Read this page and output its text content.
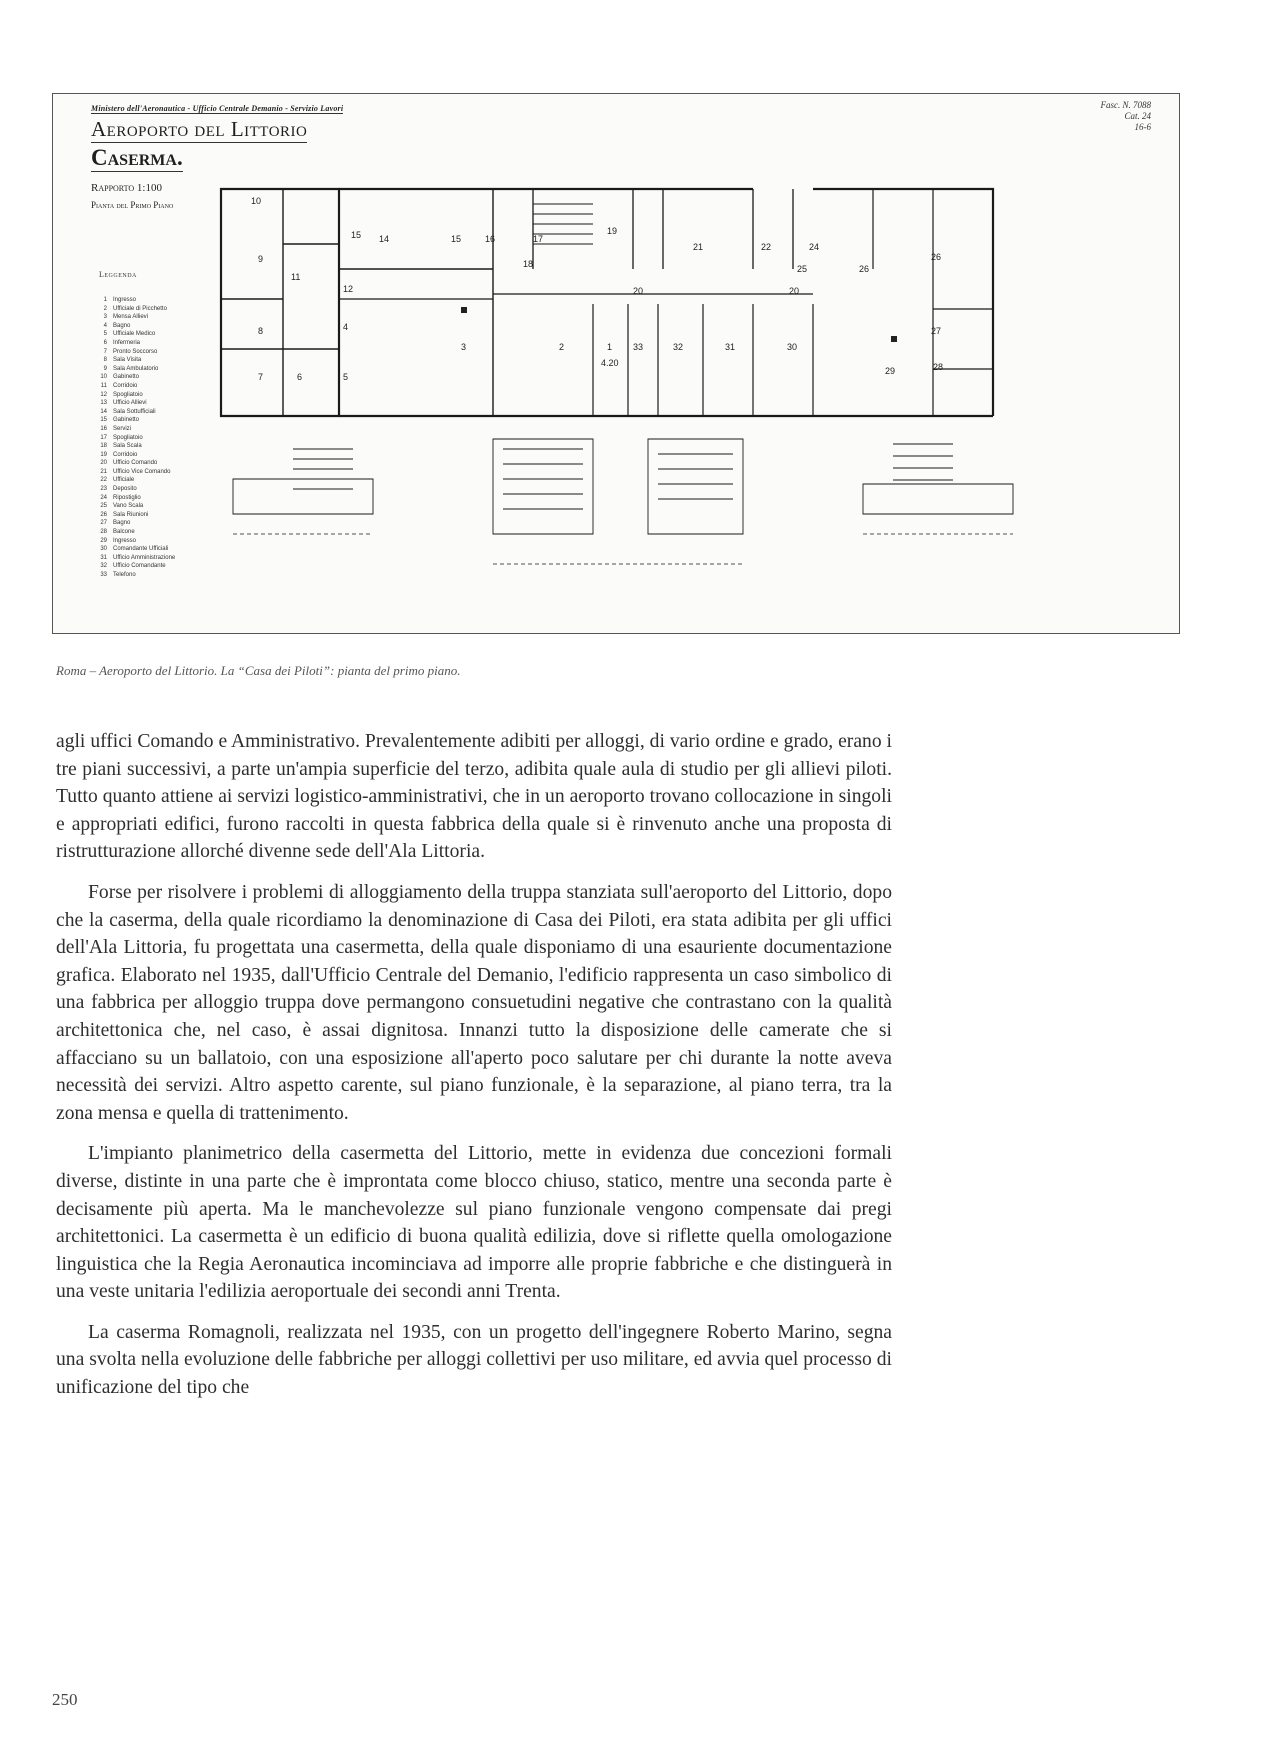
Ministero dell'Aeronautica - Ufficio Centrale Demanio - Servizio Lavori
Aeroporto del Littorio
Caserma.
Rapporto 1:100
Pianta del Primo Piano
Fasc. N. 7088
Cat. 24
16-6
Leggenda
1 Ingresso
2 Ufficiale di Picchetto
3 Mensa Allievi
4 Bagno
5 Ufficiale Medico
6 Infermeria
7 Pronto Soccorso
8 Sala Visita
9 Sala Ambulatorio
10 Gabinetto
11 Corridoio
12 Spogliatoio
13 Ufficio Allievi
14 Sala Sottufficiali
15 Gabinetto
16 Servizi
17 Spogliatoio
18 Sala Scala
19 Corridoio
20 Ufficio Comando
21 Ufficio Vice Comando
22 Ufficiale
23 Deposito
24 Ripostiglio
25 Vano Scala
26 Sala Riunioni
27 Bagno
28 Balcone
29 Ingresso
30 Comandante Ufficiali
31 Ufficio Amministrazione
32 Ufficio Comandante
33 Telefono
10
9
11
8
7	6	5
4
12
15 14	15	16	17
18
19
21	22	24
25	26
26
27
28
29
20	20
3	2	1 33	32	31	30
4.20
Roma – Aeroporto del Littorio. La “Casa dei Piloti”: pianta del primo piano.

agli uffici Comando e Amministrativo. Prevalentemente adibiti per alloggi, di vario ordine e grado, erano i tre piani successivi, a parte un'ampia superficie del terzo, adibita quale aula di studio per gli allievi piloti. Tutto quanto attiene ai servizi logistico-amministrativi, che in un aeroporto trovano collocazione in singoli e appropriati edifici, furono raccolti in questa fabbrica della quale si è rinvenuto anche una proposta di ristrutturazione allorché divenne sede dell'Ala Littoria.

Forse per risolvere i problemi di alloggiamento della truppa stanziata sull'aeroporto del Littorio, dopo che la caserma, della quale ricordiamo la denominazione di Casa dei Piloti, era stata adibita per gli uffici dell'Ala Littoria, fu progettata una casermetta, della quale disponiamo di una esauriente documentazione grafica. Elaborato nel 1935, dall'Ufficio Centrale del Demanio, l'edificio rappresenta un caso simbolico di una fabbrica per alloggio truppa dove permangono consuetudini negative che contrastano con la qualità architettonica che, nel caso, è assai dignitosa. Innanzi tutto la disposizione delle camerate che si affacciano su un ballatoio, con una esposizione all'aperto poco salutare per chi durante la notte aveva necessità dei servizi. Altro aspetto carente, sul piano funzionale, è la separazione, al piano terra, tra la zona mensa e quella di trattenimento.

L'impianto planimetrico della casermetta del Littorio, mette in evidenza due concezioni formali diverse, distinte in una parte che è improntata come blocco chiuso, statico, mentre una seconda parte è decisamente più aperta. Ma le manchevolezze sul piano funzionale vengono compensate dai pregi architettonici. La casermetta è un edificio di buona qualità edilizia, dove si riflette quella omologazione linguistica che la Regia Aeronautica incominciava ad imporre alle proprie fabbriche e che distinguerà in una veste unitaria l'edilizia aeroportuale dei secondi anni Trenta.

La caserma Romagnoli, realizzata nel 1935, con un progetto dell'ingegnere Roberto Marino, segna una svolta nella evoluzione delle fabbriche per alloggi collettivi per uso militare, ed avvia quel processo di unificazione del tipo che

250
